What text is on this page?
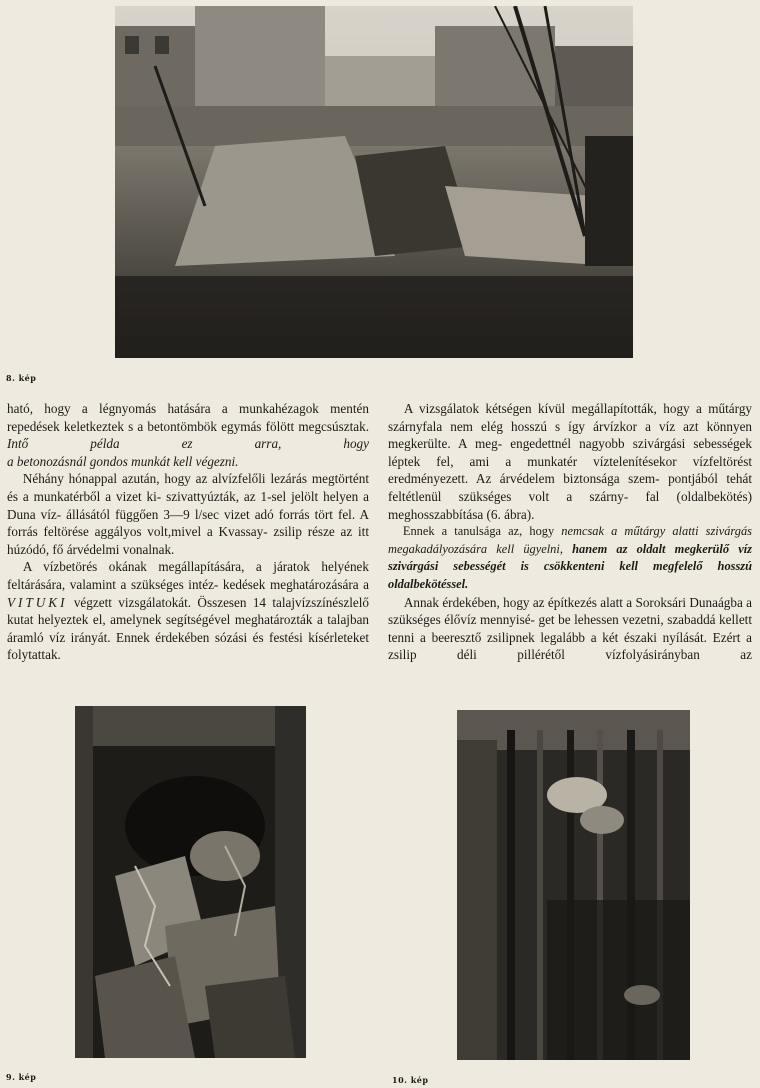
8. kép

ható, hogy a légnyomás hatására a munkahézagok mentén repedések keletkeztek s a betontömbök egymás fölött megcsúsztak. Intő példa ez arra, hogy

a betonozásnál gondos munkát kell végezni.

Néhány hónappal azután, hogy az alvízfelőli lezárás megtörtént és a munkatérből a vizet ki- szivattyúzták, az 1-sel jelölt helyen a Duna víz- állásától függően 3—9 l/sec vizet adó forrás tört fel. A forrás feltörése aggályos volt,mivel a Kvassay- zsilip része az itt húzódó, fő árvédelmi vonalnak.

A vízbetörés okának megállapítására, a járatok helyének feltárására, valamint a szükséges intéz- kedések meghatározására a VITUKI végzett vizsgálatokát. Összesen 14 talajvízszínészlelő kutat helyeztek el, amelynek segítségével meghatározták a talajban áramló víz irányát. Ennek érdekében sózási és festési kísérleteket folytattak.

A vizsgálatok kétségen kívül megállapították, hogy a műtárgy szárnyfala nem elég hosszú s így árvízkor a víz azt könnyen megkerülte. A meg- engedettnél nagyobb szivárgási sebességek léptek fel, ami a munkatér víztelenítésekor vízfeltörést eredményezett. Az árvédelem biztonsága szem- pontjából tehát feltétlenül szükséges volt a szárny- fal (oldalbekötés) meghosszabbítása (6. ábra).

Ennek a tanulsága az, hogy nemcsak a műtárgy alatti szivárgás megakadályozására kell ügyelni, hanem az oldalt megkerülő víz szivárgási sebességét is csökkenteni kell megfelelő hosszú oldalbekötéssel.

Annak érdekében, hogy az építkezés alatt a Soroksári Dunaágba a szükséges élővíz mennyisé- get be lehessen vezetni, szabaddá kellett tenni a beeresztő zsilipnek legalább a két északi nyílását. Ezért a zsilip déli pillérétől vízfolyásirányban az

9. kép	10. kép
